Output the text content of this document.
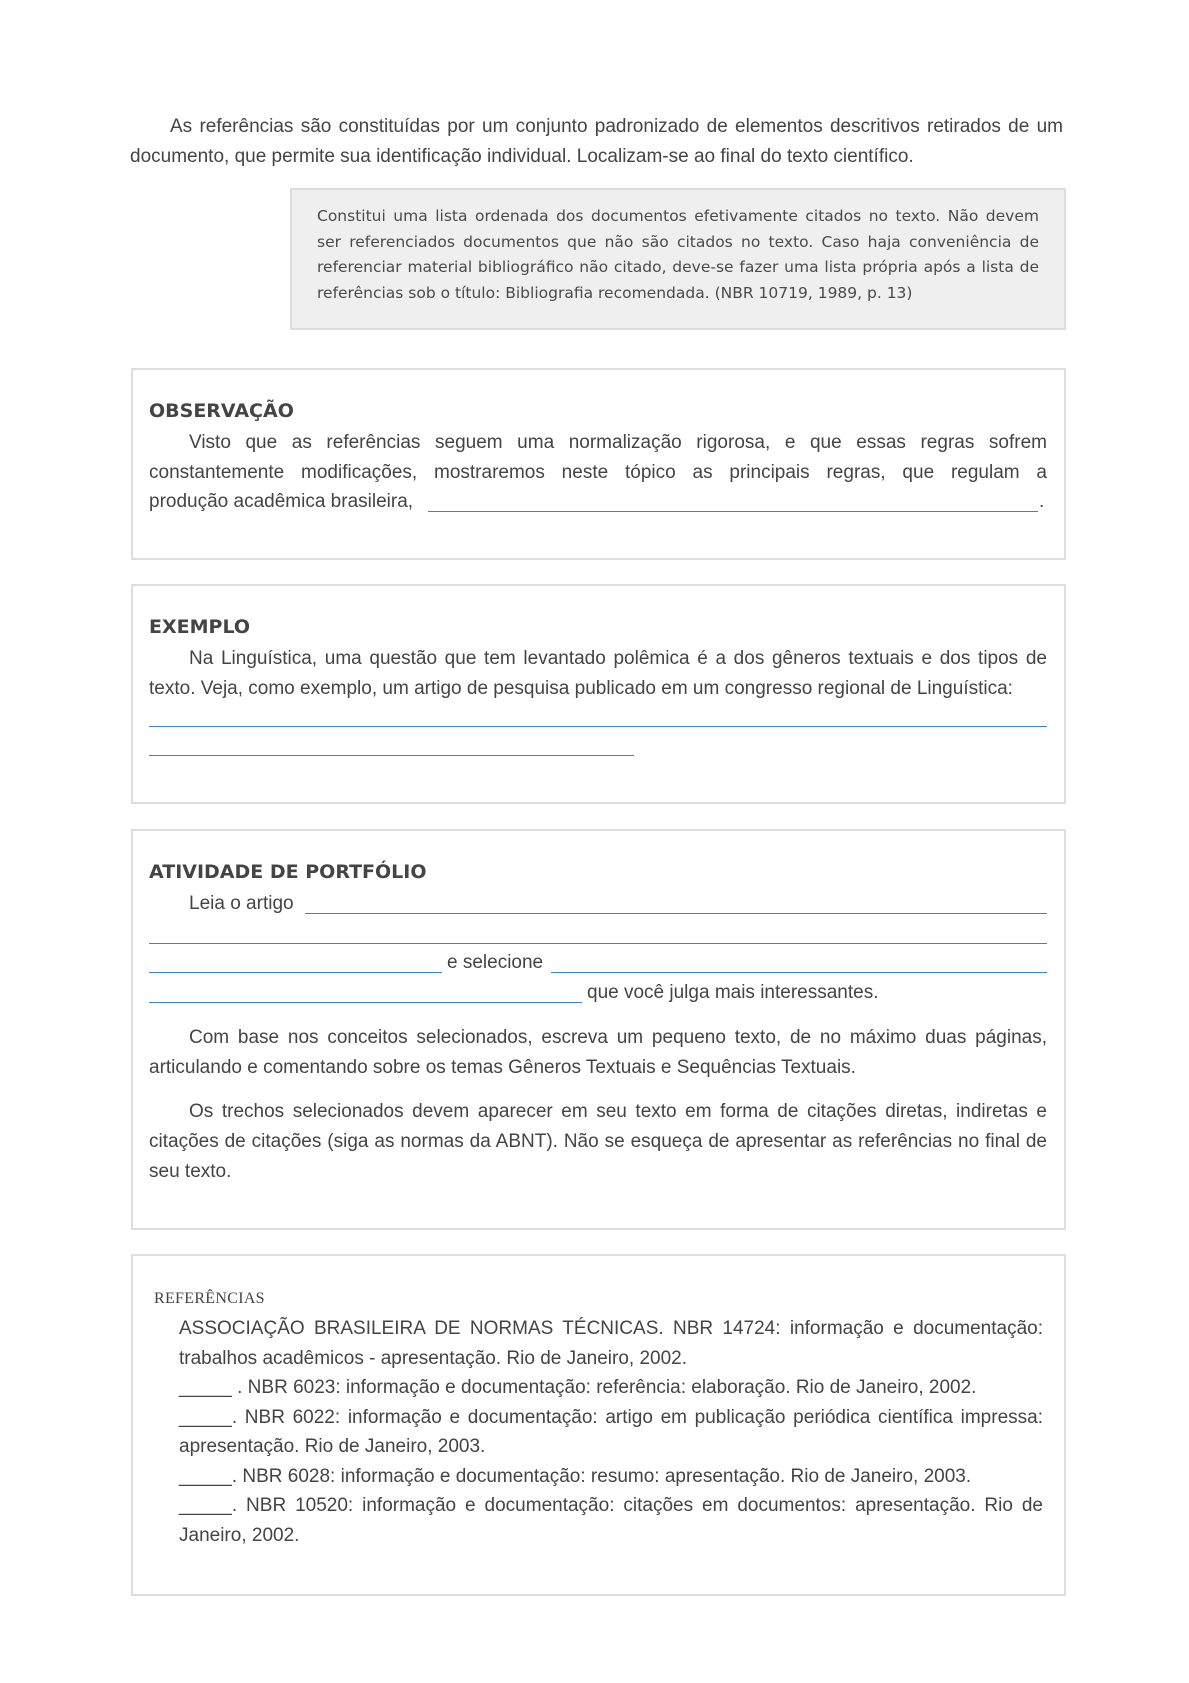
As referências são constituídas por um conjunto padronizado de elementos descritivos retirados de um documento, que permite sua identificação individual. Localizam-se ao final do texto científico.
Constitui uma lista ordenada dos documentos efetivamente citados no texto. Não devem ser referenciados documentos que não são citados no texto. Caso haja conveniência de referenciar material bibliográfico não citado, deve-se fazer uma lista própria após a lista de referências sob o título: Bibliografia recomendada. (NBR 10719, 1989, p. 13)
OBSERVAÇÃO
Visto que as referências seguem uma normalização rigorosa, e que essas regras sofrem
constantemente modificações, mostraremos neste tópico as principais regras, que regulam a
produção acadêmica brasileira,	.
EXEMPLO
Na Linguística, uma questão que tem levantado polêmica é a dos gêneros textuais e dos tipos de texto. Veja, como exemplo, um artigo de pesquisa publicado em um congresso regional de Linguística:
ATIVIDADE DE PORTFÓLIO
Leia o artigo
e selecione
que você julga mais interessantes.
Com base nos conceitos selecionados, escreva um pequeno texto, de no máximo duas páginas, articulando e comentando sobre os temas Gêneros Textuais e Sequências Textuais.
Os trechos selecionados devem aparecer em seu texto em forma de citações diretas, indiretas e citações de citações (siga as normas da ABNT). Não se esqueça de apresentar as referências no final de seu texto.
REFERÊNCIAS
ASSOCIAÇÃO BRASILEIRA DE NORMAS TÉCNICAS. NBR 14724: informação e documentação: trabalhos acadêmicos - apresentação. Rio de Janeiro, 2002.
_____ . NBR 6023: informação e documentação: referência: elaboração. Rio de Janeiro, 2002.
_____. NBR 6022: informação e documentação: artigo em publicação periódica científica impressa: apresentação. Rio de Janeiro, 2003.
_____. NBR 6028: informação e documentação: resumo: apresentação. Rio de Janeiro, 2003.
_____. NBR 10520: informação e documentação: citações em documentos: apresentação. Rio de Janeiro, 2002.
